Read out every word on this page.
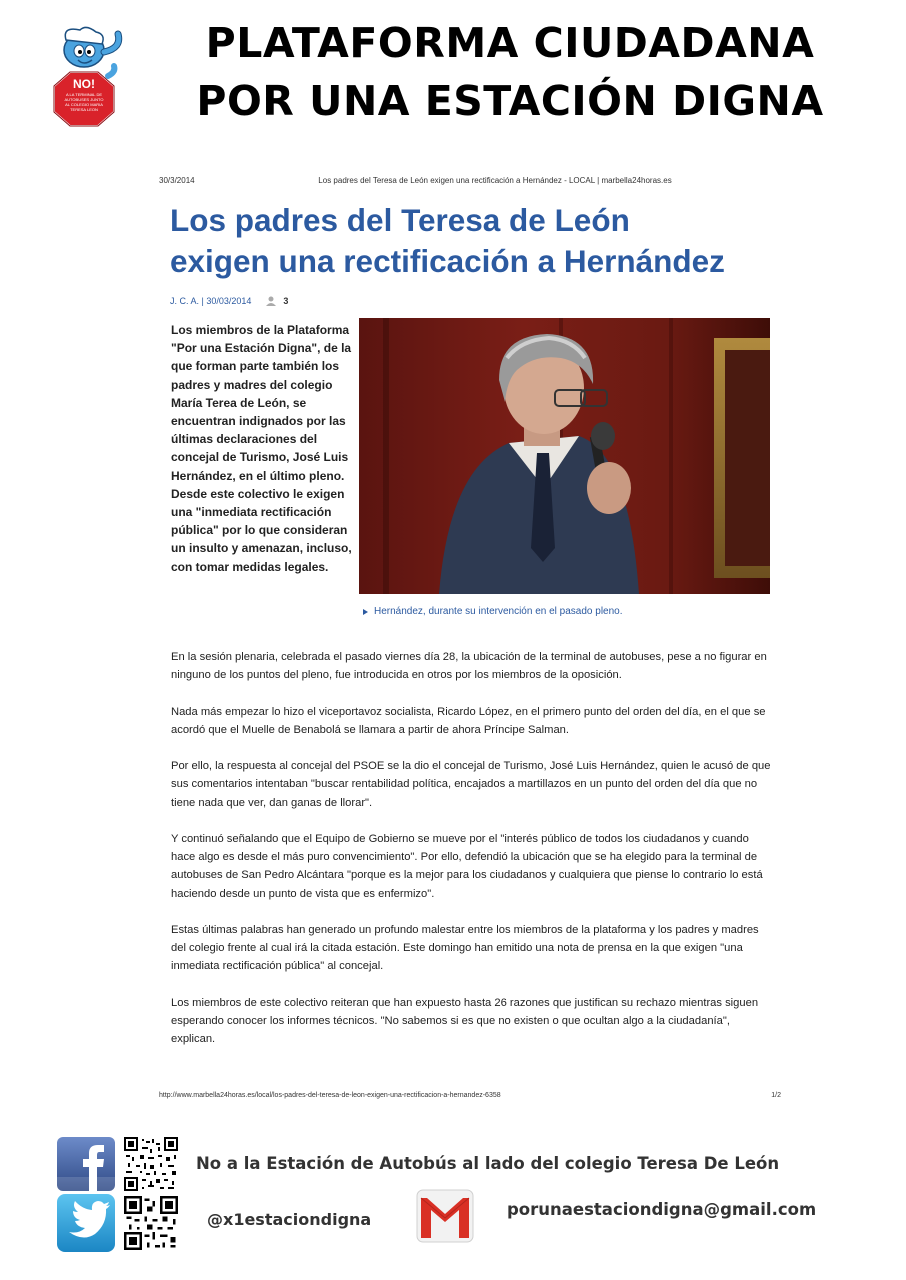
NO!
A LA TERMINAL DE
AUTOBUSES JUNTO
AL COLEGIO MARIA
TERESA LEON
PLATAFORMA CIUDADANA
POR UNA ESTACIÓN DIGNA
30/3/2014	Los padres del Teresa de León exigen una rectificación a Hernández - LOCAL | marbella24horas.es
Los padres del Teresa de León
exigen una rectificación a Hernández
J. C. A. | 30/03/2014	3
Los miembros de la Plataforma "Por una Estación Digna", de la que forman parte también los padres y madres del colegio María Terea de León, se encuentran indignados por las últimas declaraciones del concejal de Turismo, José Luis Hernández, en el último pleno. Desde este colectivo le exigen una "inmediata rectificación pública" por lo que consideran un insulto y amenazan, incluso, con tomar medidas legales.
Hernández, durante su intervención en el pasado pleno.

En la sesión plenaria, celebrada el pasado viernes día 28, la ubicación de la terminal de autobuses, pese a no figurar en ninguno de los puntos del pleno, fue introducida en otros por los miembros de la oposición.

Nada más empezar lo hizo el viceportavoz socialista, Ricardo López, en el primero punto del orden del día, en el que se acordó que el Muelle de Benabolá se llamara a partir de ahora Príncipe Salman.

Por ello, la respuesta al concejal del PSOE se la dio el concejal de Turismo, José Luis Hernández, quien le acusó de que sus comentarios intentaban "buscar rentabilidad política, encajados a martillazos en un punto del orden del día que no tiene nada que ver, dan ganas de llorar".

Y continuó señalando que el Equipo de Gobierno se mueve por el "interés público de todos los ciudadanos y cuando hace algo es desde el más puro convencimiento". Por ello, defendió la ubicación que se ha elegido para la terminal de autobuses de San Pedro Alcántara "porque es la mejor para los ciudadanos y cualquiera que piense lo contrario lo está haciendo desde un punto de vista que es enfermizo".

Estas últimas palabras han generado un profundo malestar entre los miembros de la plataforma y los padres y madres del colegio frente al cual irá la citada estación. Este domingo han emitido una nota de prensa en la que exigen "una inmediata rectificación pública" al concejal.

Los miembros de este colectivo reiteran que han expuesto hasta 26 razones que justifican su rechazo mientras siguen esperando conocer los informes técnicos. "No sabemos si es que no existen o que ocultan algo a la ciudadanía", explican.

http://www.marbella24horas.es/local/los-padres-del-teresa-de-leon-exigen-una-rectificacion-a-hernandez-6358	1/2
No a la Estación de Autobús al lado del colegio Teresa De León
@x1estaciondigna
porunaestaciondigna@gmail.com
